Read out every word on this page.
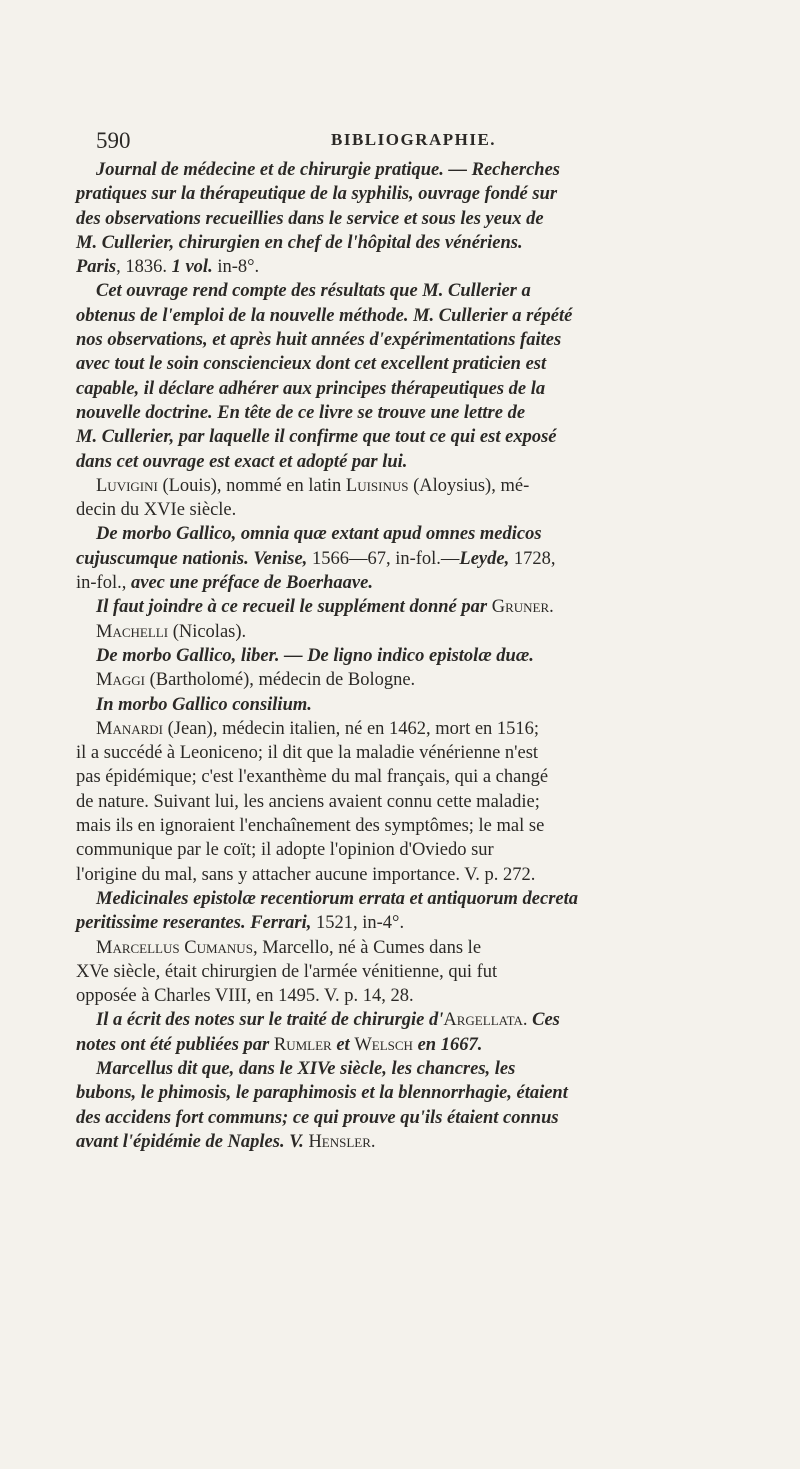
590	BIBLIOGRAPHIE.
Journal de médecine et de chirurgie pratique. — Recherches
pratiques sur la thérapeutique de la syphilis, ouvrage fondé sur
des observations recueillies dans le service et sous les yeux de
M. Cullerier, chirurgien en chef de l'hôpital des vénériens.
Paris, 1836. 1 vol. in-8°.
Cet ouvrage rend compte des résultats que M. Cullerier a
obtenus de l'emploi de la nouvelle méthode. M. Cullerier a répété
nos observations, et après huit années d'expérimentations faites
avec tout le soin consciencieux dont cet excellent praticien est
capable, il déclare adhérer aux principes thérapeutiques de la
nouvelle doctrine. En tête de ce livre se trouve une lettre de
M. Cullerier, par laquelle il confirme que tout ce qui est exposé
dans cet ouvrage est exact et adopté par lui.
Luvigini (Louis), nommé en latin Luisinus (Aloysius), mé-
decin du XVIe siècle.
De morbo Gallico, omnia quæ extant apud omnes medicos
cujuscumque nationis. Venise, 1566—67, in-fol.—Leyde, 1728,
in-fol., avec une préface de Boerhaave.
Il faut joindre à ce recueil le supplément donné par Gruner.
Machelli (Nicolas).
De morbo Gallico, liber. — De ligno indico epistolæ duæ.
Maggi (Bartholomé), médecin de Bologne.
In morbo Gallico consilium.
Manardi (Jean), médecin italien, né en 1462, mort en 1516;
il a succédé à Leoniceno; il dit que la maladie vénérienne n'est
pas épidémique; c'est l'exanthème du mal français, qui a changé
de nature. Suivant lui, les anciens avaient connu cette maladie;
mais ils en ignoraient l'enchaînement des symptômes; le mal se
communique par le coït; il adopte l'opinion d'Oviedo sur
l'origine du mal, sans y attacher aucune importance. V. p. 272.
Medicinales epistolæ recentiorum errata et antiquorum decreta
peritissime reserantes. Ferrari, 1521, in-4°.
Marcellus Cumanus, Marcello, né à Cumes dans le
XVe siècle, était chirurgien de l'armée vénitienne, qui fut
opposée à Charles VIII, en 1495. V. p. 14, 28.
Il a écrit des notes sur le traité de chirurgie d'Argellata. Ces
notes ont été publiées par Rumler et Welsch en 1667.
Marcellus dit que, dans le XIVe siècle, les chancres, les
bubons, le phimosis, le paraphimosis et la blennorrhagie, étaient
des accidens fort communs; ce qui prouve qu'ils étaient connus
avant l'épidémie de Naples. V. Hensler.
